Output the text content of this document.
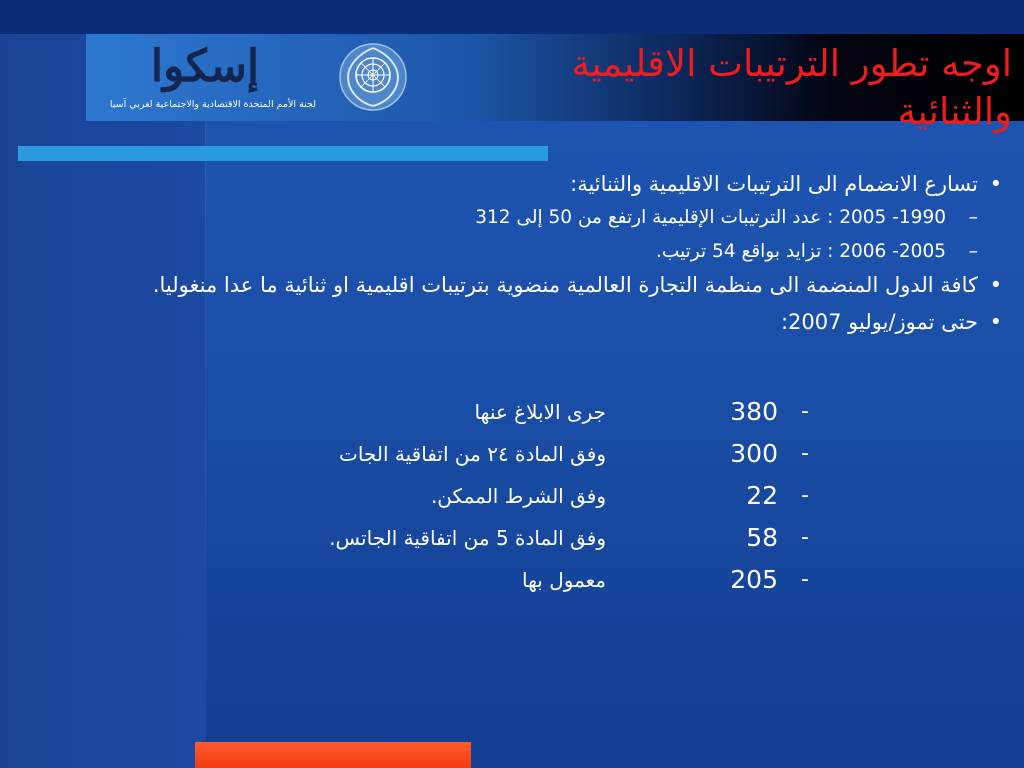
إسكوا
لجنة الأمم المتحدة الاقتصادية والاجتماعية لغربي آسيا
اوجه تطور الترتيبات الاقليمية والثنائية
•
تسارع الانضمام الى الترتيبات الاقليمية والثنائية:
–
1990- 2005 : عدد الترتيبات الإقليمية ارتفع من 50 إلى 312
–
2005- 2006 : تزايد بواقع 54 ترتيب.
•
كافة الدول المنضمة الى منظمة التجارة العالمية منضوية بترتيبات اقليمية او ثنائية ما عدا منغوليا.
•
حتى تموز/يوليو 2007:
-
380
جرى الابلاغ عنها
-
300
وفق المادة ٢٤ من اتفاقية الجات
-
22
وفق الشرط الممكن.
-
58
وفق المادة 5 من اتفاقية الجاتس.
-
205
معمول بها
